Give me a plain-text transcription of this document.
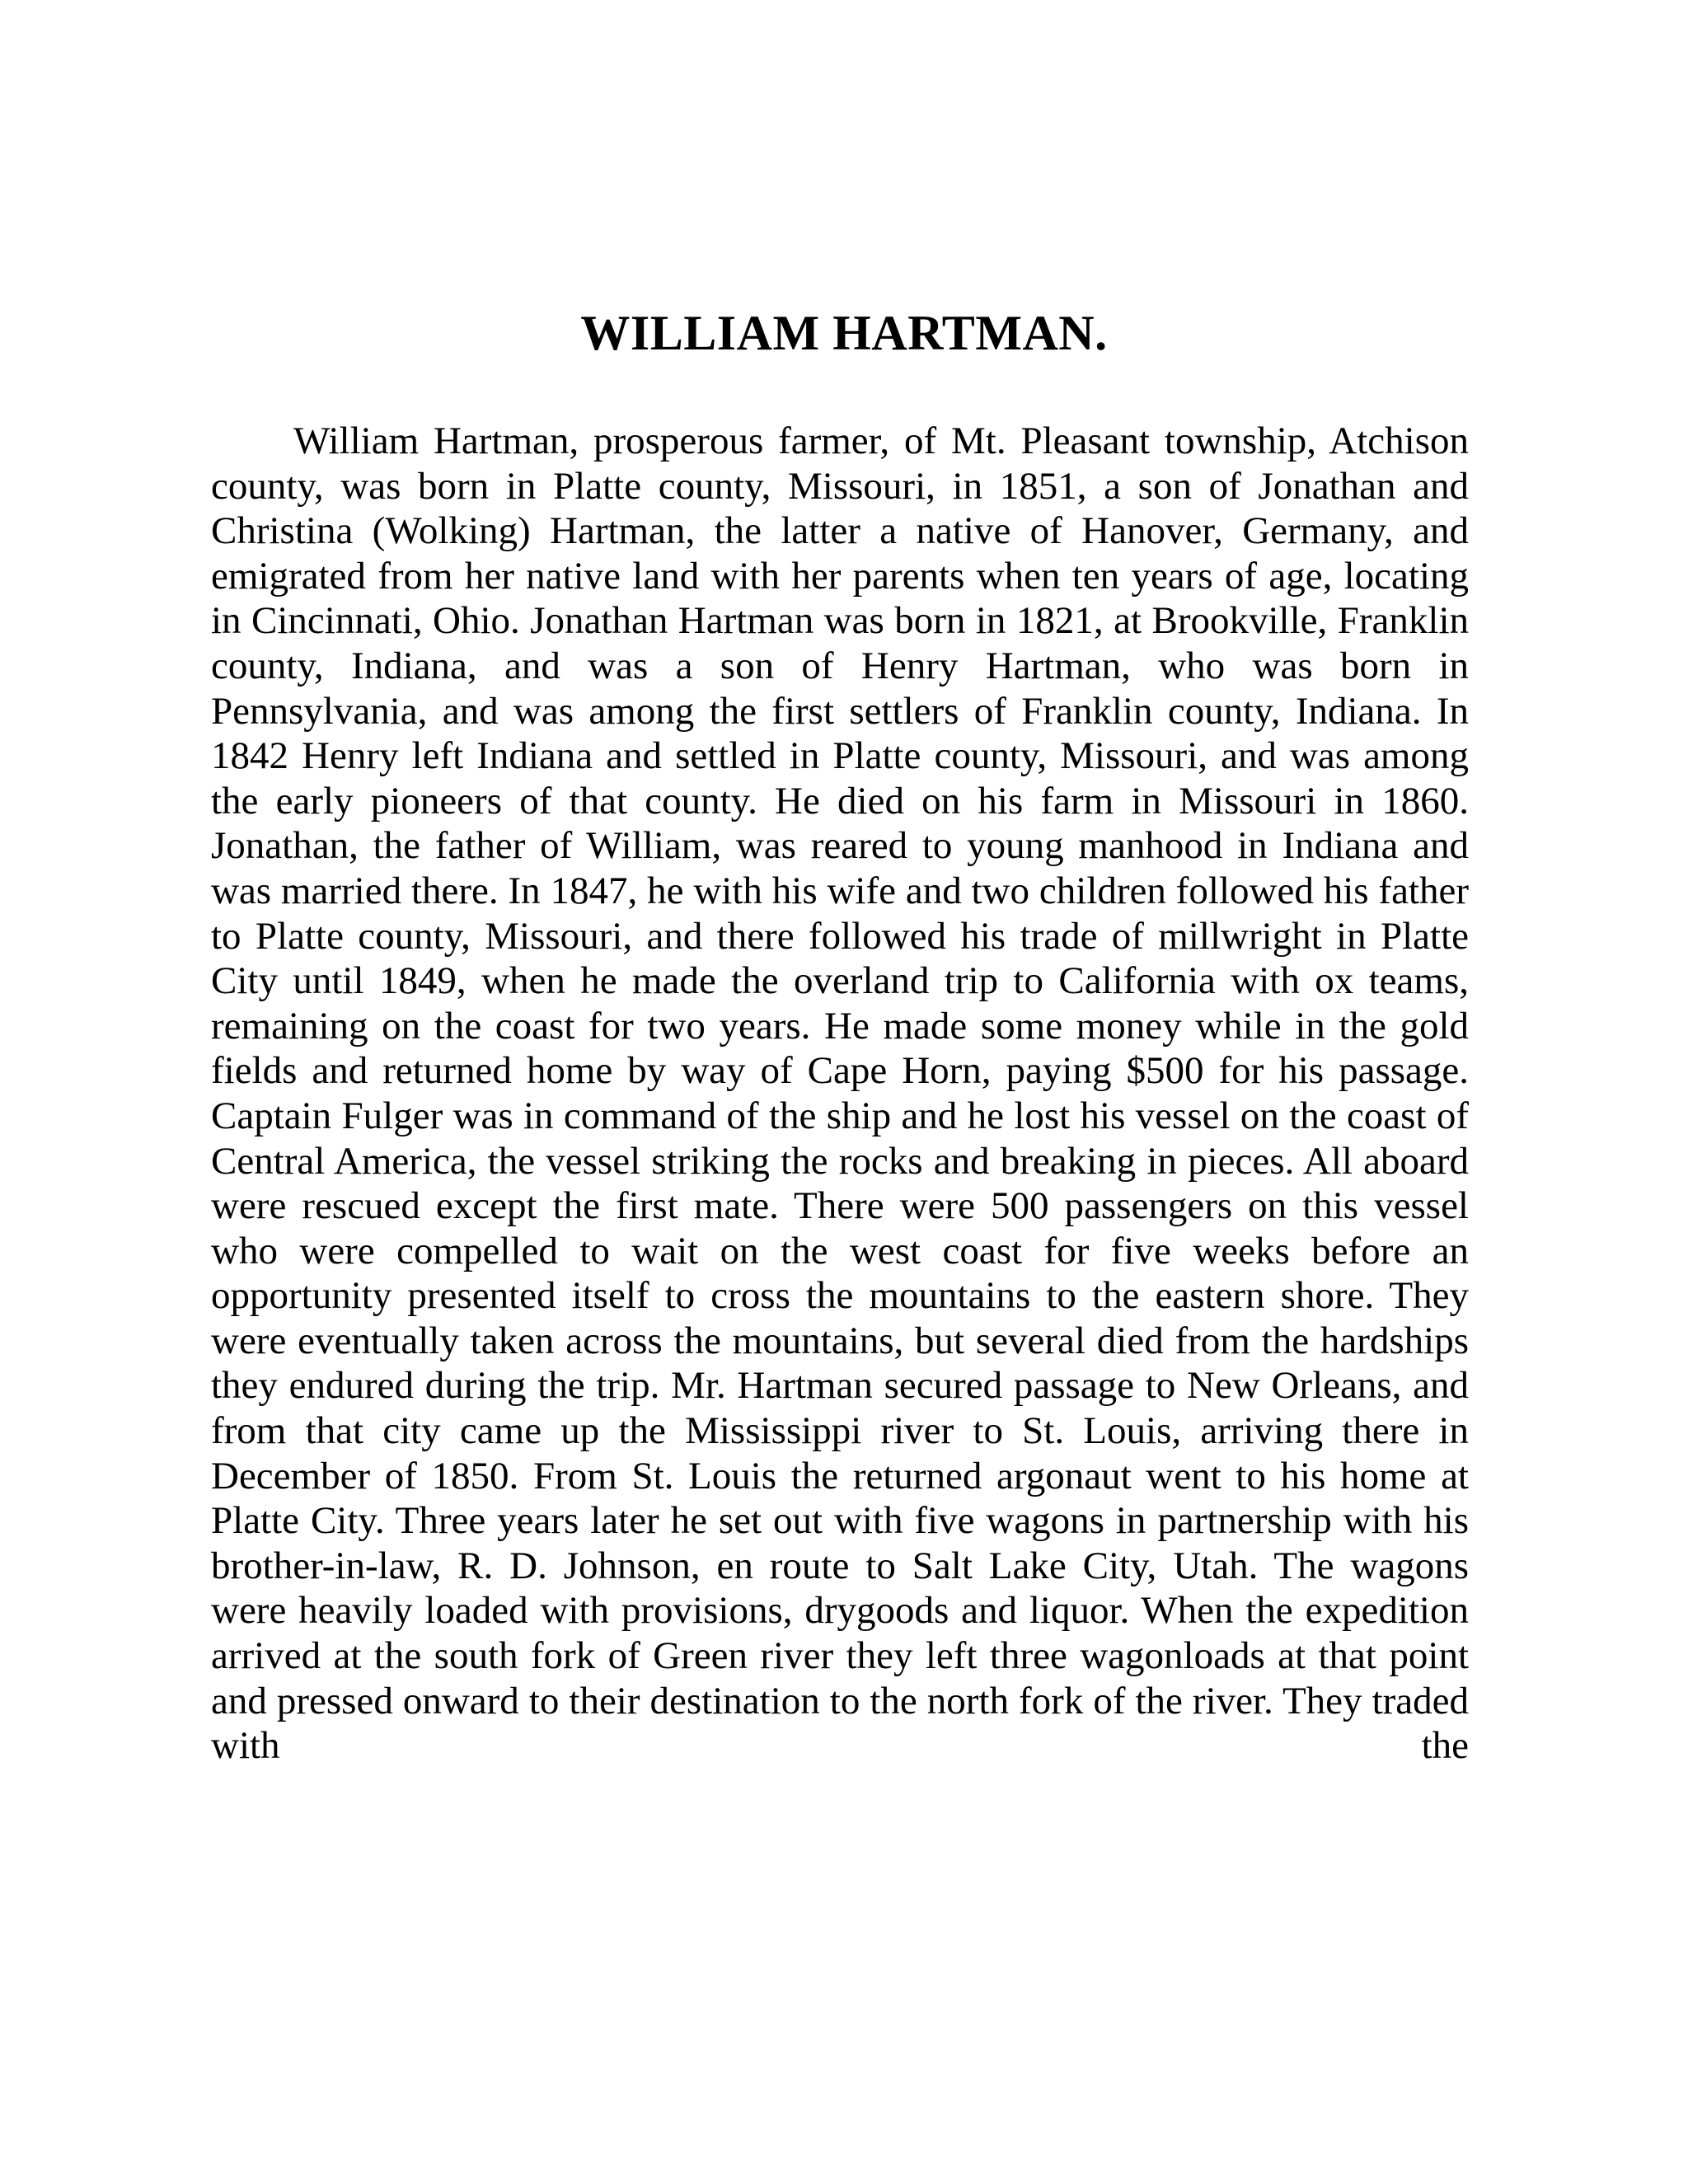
WILLIAM HARTMAN.

William Hartman, prosperous farmer, of Mt. Pleasant township, Atchison county, was born in Platte county, Missouri, in 1851, a son of Jonathan and Christina (Wolking) Hartman, the latter a native of Hanover, Germany, and emigrated from her native land with her parents when ten years of age, locating in Cincinnati, Ohio. Jonathan Hartman was born in 1821, at Brookville, Franklin county, Indiana, and was a son of Henry Hartman, who was born in Pennsylvania, and was among the first settlers of Franklin county, Indiana. In 1842 Henry left Indiana and settled in Platte county, Missouri, and was among the early pioneers of that county. He died on his farm in Missouri in 1860. Jonathan, the father of William, was reared to young manhood in Indiana and was married there. In 1847, he with his wife and two children followed his father to Platte county, Missouri, and there followed his trade of millwright in Platte City until 1849, when he made the overland trip to California with ox teams, remaining on the coast for two years. He made some money while in the gold fields and returned home by way of Cape Horn, paying $500 for his passage. Captain Fulger was in command of the ship and he lost his vessel on the coast of Central America, the vessel striking the rocks and breaking in pieces. All aboard were rescued except the first mate. There were 500 passengers on this vessel who were compelled to wait on the west coast for five weeks before an opportunity presented itself to cross the mountains to the eastern shore. They were eventually taken across the mountains, but several died from the hardships they endured during the trip. Mr. Hartman secured passage to New Orleans, and from that city came up the Mississippi river to St. Louis, arriving there in December of 1850. From St. Louis the returned argonaut went to his home at Platte City. Three years later he set out with five wagons in partnership with his brother-in-law, R. D. Johnson, en route to Salt Lake City, Utah. The wagons were heavily loaded with provisions, drygoods and liquor. When the expedition arrived at the south fork of Green river they left three wagonloads at that point and pressed onward to their destination to the north fork of the river. They traded with the
